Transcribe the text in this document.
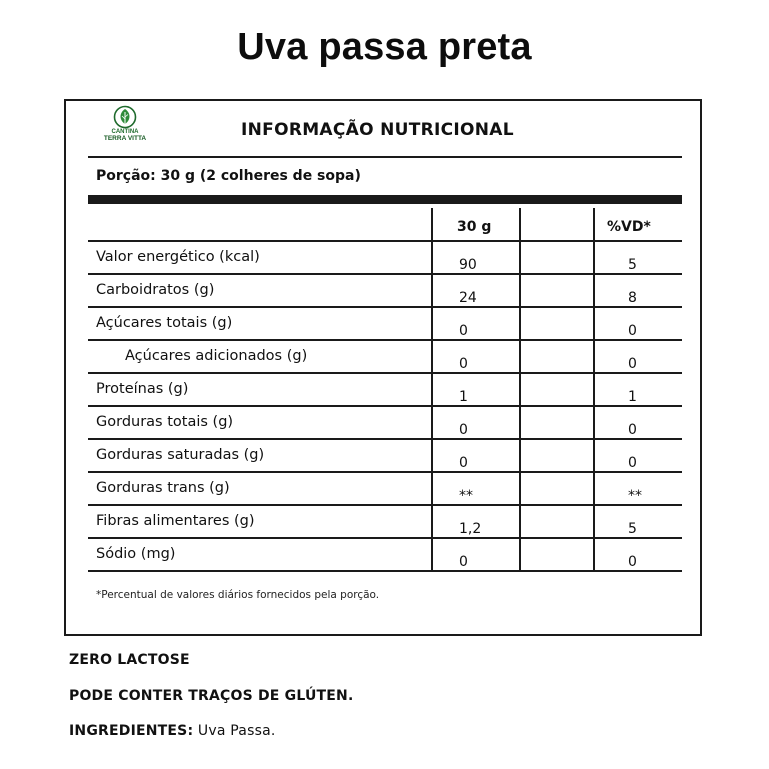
Uva passa preta
CANTINA
TERRA VITTA	INFORMAÇÃO NUTRICIONAL
Porção: 30 g (2 colheres de sopa)
30 g	%VD*
Valor energético (kcal)	90	5
Carboidratos (g)	24	8
Açúcares totais (g)	0	0
Açúcares adicionados (g)	0	0
Proteínas (g)	1	1
Gorduras totais (g)	0	0
Gorduras saturadas (g)	0	0
Gorduras trans (g)	**	**
Fibras alimentares (g)	1,2	5
Sódio (mg)	0	0
*Percentual de valores diários fornecidos pela porção.
ZERO LACTOSE
PODE CONTER TRAÇOS DE GLÚTEN.
INGREDIENTES: Uva Passa.
